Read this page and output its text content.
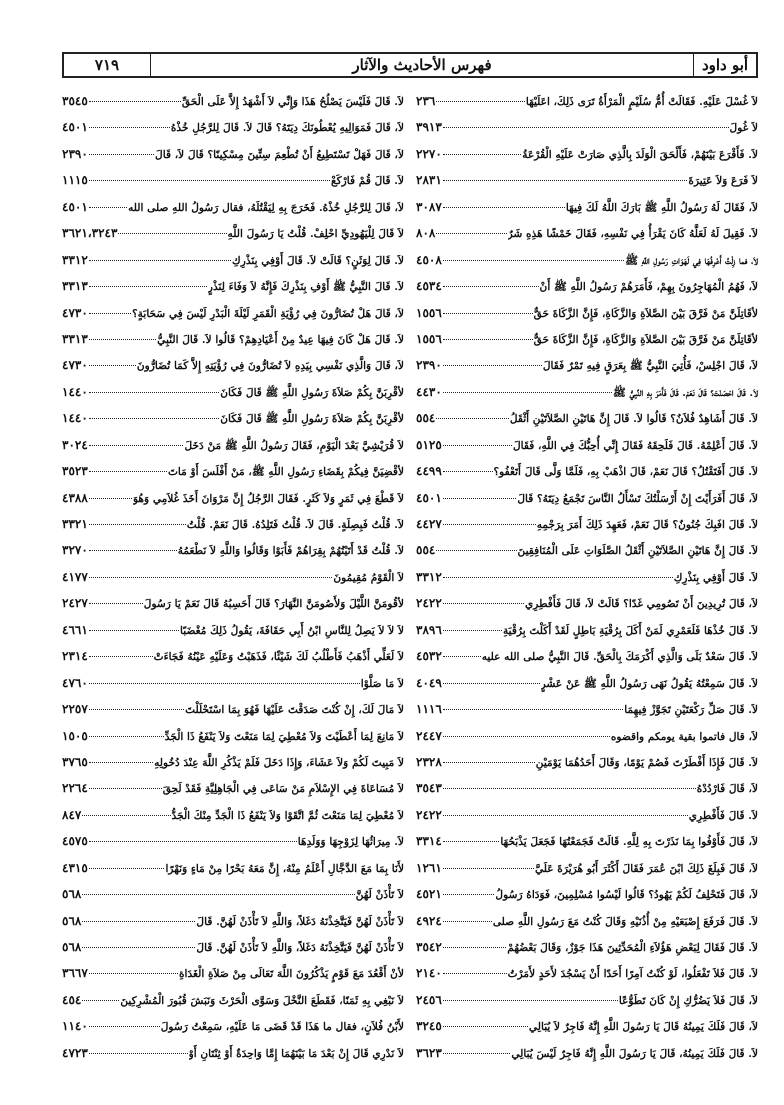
أبو داود
فهرس الأحاديث والآثار
٧١٩
لاَ غُسْلَ عَلَيْهِ. فَقَالَتْ أُمُّ سُلَيْمٍ الْمَرْأَةُ تَرَى ذَلِكَ، اعَلَيْهَا
٢٣٦
لاَ غُولَ
٣٩١٣
لاَ. فَأَقْرَعَ بَيْنَهُمْ، فَأَلْحَقَ الْوَلَدَ بِالَّذِي صَارَتْ عَلَيْهِ الْقُرْعَةُ
٢٢٧٠
لاَ فَرَعَ وَلاَ عَتِيرَةَ
٢٨٣١
لاَ، فَقَالَ لَهُ رَسُولُ اللَّهِ ﷺ بَارَكَ اللَّهُ لَكَ فِيهَا
٣٠٨٧
لاَ. فَقِيلَ لَهُ لَعَلَّهُ كَانَ يَقْرَأُ فِي نَفْسِهِ، فَقَالَ خَمْشًا هَذِهِ شَرٌ
٨٠٨
لاَ، فما زِلْتُ أَعْرِفُهَا فِي لَهَوَاتِ رَسُولِ اللَّهِ ﷺ
٤٥٠٨
لاَ، فَهُمُ الْمُهَاجِرُونَ بِهِمْ، فَأَمَرَهُمْ رَسُولُ اللَّهِ ﷺ أَنْ
٤٥٣٤
لأقَاتِلَنَّ مَنْ فَرَّقَ بَيْنَ الصَّلاَةِ وَالزَّكَاةِ، فَإِنَّ الزَّكَاةَ حَقٌّ
١٥٥٦
لأقَاتِلَنَّ مَنْ فَرَّقَ بَيْنَ الصَّلاَةِ وَالزَّكَاةِ، فَإِنَّ الزَّكَاةَ حَقٌّ
١٥٥٦
لاَ، قَالَ اجْلِسْ، فَأُتِيَ النَّبِيُّ ﷺ بِعَرَقٍ فِيهِ تَمْرٌ فَقَالَ
٢٣٩٠
لاَ. قَالَ احْصَنْتَ؟ قَالَ نَعَمْ. قَالَ فَأَمَرَ بِهِ النَّبِيُّ ﷺ
٤٤٣٠
لاَ. قَالَ أَشَاهِدٌ فُلاَنٌ؟ قَالُوا لاَ. قَالَ إِنَّ هَاتَيْنِ الصَّلاَتَيْنِ أَثْقَلُ
٥٥٤
لاَ. قَالَ أَعْلِمْهُ. قَالَ فَلَحِقَهُ فَقَالَ إِنِّي أُحِبُّكَ فِي اللَّهِ، فَقَالَ
٥١٢٥
لاَ. قَالَ أَفَتَقْتُلُ؟ قَالَ نَعَمْ، قَالَ اذْهَبْ بِهِ، فَلَمَّا وَلَّى قَالَ أَتَعْفُو؟
٤٤٩٩
لاَ، قَالَ أَفَرَأَيْتَ إِنْ أَرْسَلْتُكَ تَسْأَلُ النَّاسَ تَجْمَعُ دِيَتَهُ؟ قَالَ
٤٥٠١
لاَ. قَالَ افَبِكَ جُنُونٌ؟ قَالَ نَعَمْ، فَعَهِدَ ذَلِكَ أَمَرَ بِرَجْمِهِ
٤٤٢٧
لاَ. قَالَ إِنَّ هَاتَيْنِ الصَّلاَتَيْنِ أَثْقَلُ الصَّلَوَاتِ عَلَى الْمُنَافِقِينَ
٥٥٤
لاَ. قَالَ أَوْفِي بِنَذْرِكِ
٣٣١٢
لاَ، قَالَ تُرِيدِينَ أَنْ تَصُومِي غَدًا؟ قَالَتْ لاَ، قَالَ فَأَفْطِرِي
٢٤٢٢
لاَ. قَالَ خُذْهَا فَلَعَمْرِي لَمَنْ أَكَلَ بِرُقْيَةِ بَاطِلٍ لَقَدْ أَكَلْتَ بِرُقْيَةِ
٣٨٩٦
لاَ. قَالَ سَعْدٌ بَلَى وَالَّذِي أَكْرَمَكَ بِالْحَقِّ. قَالَ النَّبِيُّ صلى الله عليه
٤٥٣٢
لاَ. قَالَ سَمِعْتُهُ يَقُولُ نَهَى رَسُولُ اللَّهِ ﷺ عَنْ عَشْرٍ
٤٠٤٩
لاَ. قَالَ صَلِّ رَكْعَتَيْنِ تَجَوَّزْ فِيهِمَا
١١١٦
لاَ، قال فاتموا بقية يومكم واقضوه
٢٤٤٧
لاَ. قَالَ فَإِذَا أَفْطَرْتَ فَصُمْ يَوْمًا، وَقَالَ أَحَدُهُمَا يَوْمَيْنِ
٢٣٢٨
لاَ، قَالَ فَارْدُدْهُ
٣٥٤٣
لاَ. قَالَ فَأَفْطِرِي
٢٤٢٢
لاَ، قَالَ فَأَوْفُوا بِمَا نَذَرْتَ بِهِ لِلَّهِ. قَالَتْ فَجَمَعْتُهَا فَجَعَلَ يَذْبَحُهَا
٣٣١٤
لاَ، قَالَ فَبِلَغَ ذَلِكَ ابْنَ عُمَرَ فَقَالَ أَكْثَرَ أَبُو هُرَيْرَةَ عَلَيَّ
١٢٦١
لاَ، قَالَ فَتَحْلِفُ لَكُمْ يَهُودُ؟ قَالُوا لَيْسُوا مُسْلِمِينَ، فَوَدَاهُ رَسُولُ
٤٥٢١
لاَ. قَالَ فَرَفَعَ إِصْبَعَيْهِ مِنْ أُذُنَيْهِ وَقَالَ كُنْتُ مَعَ رَسُولِ اللَّهِ صلى
٤٩٢٤
لاَ. قَالَ فَقَالَ لِبَعْضِ هَؤُلاَءِ الْمُحَدِّثِينَ هَذَا جَوْزٌ، وَقَالَ بَعْضُهُمْ
٣٥٤٢
لاَ. قَالَ فَلاَ تَفْعَلُوا، لَوْ كُنْتُ آمِرًا أَحَدًا أَنْ يَسْجُدَ لأَحَدٍ لأَمَرْتُ
٢١٤٠
لاَ، قَالَ فَلاَ يَضُرُّكِ إِنْ كَانَ تَطَوُّعًا
٢٤٥٦
لاَ، قَالَ فَلَكَ يَمِينُهُ قَالَ يَا رَسُولَ اللَّهِ إِنَّهُ فَاجِرٌ لاَ يُبَالِي
٣٢٤٥
لاَ. قَالَ فَلَكَ يَمِينُهُ، قَالَ يَا رَسُولَ اللَّهِ إِنَّهُ فَاجِرٌ لَيْسَ يُبَالِي
٣٦٢٣
لاَ. قَالَ فَلَيْسَ يَصْلُحُ هَذَا وَإِنِّي لاَ أَشْهَدُ إِلاَّ عَلَى الْحَقِّ
٣٥٤٥
لاَ، قَالَ فَمَوَالِيهِ يُعْطُونَكَ دِيَتَهُ؟ قَالَ لاَ. قَالَ لِلرَّجُلِ خُذْهُ
٤٥٠١
لاَ، قَالَ فَهَلْ تَسْتَطِيعُ أَنْ تُطْعِمَ سِتِّينَ مِسْكِينًا؟ قَالَ لاَ، قَالَ
٢٣٩٠
لاَ. قَالَ قُمْ فَارْكَعْ
١١١٥
لاَ، قَالَ لِلرَّجُلِ خُذْهُ. فَخَرَجَ بِهِ لِيَقْتُلَهُ، فقال رَسُولُ اللهِ صلى الله
٤٥٠١
لاَ قَالَ لِلْيَهُودِيِّ احْلِفْ. قُلْتُ يَا رَسُولَ اللَّهِ
٣٦٢١،٣٢٤٣
لاَ. قَالَ لِوَثَنٍ؟ قَالَتْ لاَ. قَالَ أَوْفِي بِنَذْرِكِ
٣٣١٢
لاَ. قَالَ النَّبِيُّ ﷺ أَوْفِ بِنَذْرِكَ فَإِنَّهُ لاَ وَفَاءَ لِنَذْرٍ
٣٣١٣
لاَ، قَالَ هَلْ تُضَارُّونَ فِي رُؤْيَةِ الْقَمَرِ لَيْلَةَ الْبَدْرِ لَيْسَ فِي سَحَابَةٍ؟
٤٧٣٠
لاَ. قَالَ هَلْ كَانَ فِيهَا عِيدٌ مِنْ أَعْيَادِهِمْ؟ قَالُوا لاَ. قَالَ النَّبِيُّ
٣٣١٣
لاَ، قَالَ وَالَّذِي نَفْسِي بِيَدِهِ لاَ تُضَارُّونَ فِي رُؤْيَتِهِ إِلاَّ كَمَا تُضَارُّونَ
٤٧٣٠
لأقْرِبَنَّ بِكُمْ صَلاَةَ رَسُولِ اللَّهِ ﷺ قَالَ فَكَانَ
١٤٤٠
لأقْرِبَنَّ بِكُمْ صَلاَةَ رَسُولِ اللَّهِ ﷺ قَالَ فَكَانَ
١٤٤٠
لاَ قُرَيْشِيَّ بَعْدَ الْيَوْمِ، فَقَالَ رَسُولُ اللَّهِ ﷺ مَنْ دَخَلَ
٣٠٢٤
لأقْضِيَنَّ فِيكُمْ بِقَضَاءِ رَسُولِ اللَّهِ ﷺ، مَنْ أَفْلَسَ أَوْ مَاتَ
٣٥٢٣
لاَ قَطْعَ فِي ثَمَرٍ وَلاَ كَثَرٍ. فَقَالَ الرَّجُلُ إِنَّ مَرْوَانَ أَخَذَ غُلاَمِي وَهُوَ
٤٣٨٨
لاَ. قُلْتُ فَبِصِلَةٍ. قَالَ لاَ. قُلْتُ فَتَلِدُهُ. قَالَ نَعَمْ. قُلْتُ
٣٣٢١
لاَ. قُلْتُ قَدْ أَتَيْتُهُمْ بِقِرَاهُمْ فَأَبَوْا وَقَالُوا وَاللَّهِ لاَ نَطْعَمُهُ
٣٢٧٠
لاَ الْقَوْمُ مُقِيمُونَ
٤١٧٧
لأقُومَنَّ اللَّيْلَ وَلأَصُومَنَّ النَّهَارَ؟ قَالَ أَحَسِبُهُ قَالَ نَعَمْ يَا رَسُولَ
٢٤٢٧
لاَ لاَ لاَ يَصِلُ لِلنَّاسِ ابْنُ أَبِي حَقَافَةَ، يَقُولُ ذَلِكَ مُغْضَبًا
٤٦٦١
لاَ لَعَلِّي أَذْهَبُ فَأَطْلُبُ لَكَ شَيْئًا، فَذَهَبْتُ وَعَلَيْهِ عَيْنُهُ فَجَاءَتْ
٢٣١٤
لاَ مَا صَلَّوْا
٤٧٦٠
لاَ مَالَ لَكَ، إِنْ كُنْتَ صَدَقْتَ عَلَيْهَا فَهُوَ بِمَا اسْتَحْلَلْتَ
٢٢٥٧
لاَ مَانِعَ لِمَا أَعْطَيْتَ وَلاَ مُعْطِيَ لِمَا مَنَعْتَ وَلاَ يَنْفَعُ ذَا الْجَدِّ
١٥٠٥
لاَ مَبِيتَ لَكُمْ وَلاَ عَشَاءَ، وَإِذَا دَخَلَ فَلَمْ يَذْكُرِ اللَّهَ عِنْدَ دُخُولِهِ
٣٧٦٥
لاَ مُسَاعَاةَ فِي الإِسْلاَمِ مَنْ سَاعَى فِي الْجَاهِلِيَّةِ فَقَدْ لَحِقَ
٢٢٦٤
لاَ مُعْطِيَ لِمَا مَنَعْتَ ثُمَّ اتَّقَوْا وَلاَ يَنْفَعُ ذَا الْجَدِّ مِنْكَ الْجَدُّ
٨٤٧
لاَ. مِيرَاثُهَا لِزَوْجِهَا وَوَلَدِهَا
٤٥٧٥
لأَنَا بِمَا مَعَ الدَّجَّالِ أَعْلَمُ مِنْهُ، إِنَّ مَعَهُ بَحْرًا مِنْ مَاءٍ وَنَهْرًا
٤٣١٥
لاَ تَأْذَنْ لَهُنَّ
٥٦٨
لاَ تَأْذَنْ لَهُنَّ فَيَتَّخِذْنَهُ دَغَلاً، وَاللَّهِ لاَ تَأْذَنْ لَهُنَّ. قَالَ
٥٦٨
لاَ تَأْذَنْ لَهُنَّ فَيَتَّخِذْنَهُ دَغَلاً، وَاللَّهِ لاَ تَأْذَنْ لَهُنَّ. قَالَ
٥٦٨
لأنْ أَقْعُدَ مَعَ قَوْمٍ يَذْكُرُونَ اللَّهَ تَعَالَى مِنْ صَلاَةِ الْغَدَاةِ
٣٦٦٧
لاَ نَبْغِي بِهِ ثَمَنًا، فَقَطَعَ النَّخْلَ وَسَوَّى الْحَرْثَ وَنَبَشَ قُبُورَ الْمُشْرِكِينَ
٤٥٤
لأَبْنُ فُلاَنٍ، فقال ما هَذَا قَدْ قَضَى مَا عَلَيْهِ، سَمِعْتُ رَسُولَ
١١٤٠
لاَ نَدْرِي قَالَ إِنْ بَعْدَ مَا بَيْنَهُمَا إِمَّا وَاحِدَةٌ أَوْ ثِنْتَانِ أَوْ
٤٧٢٣
